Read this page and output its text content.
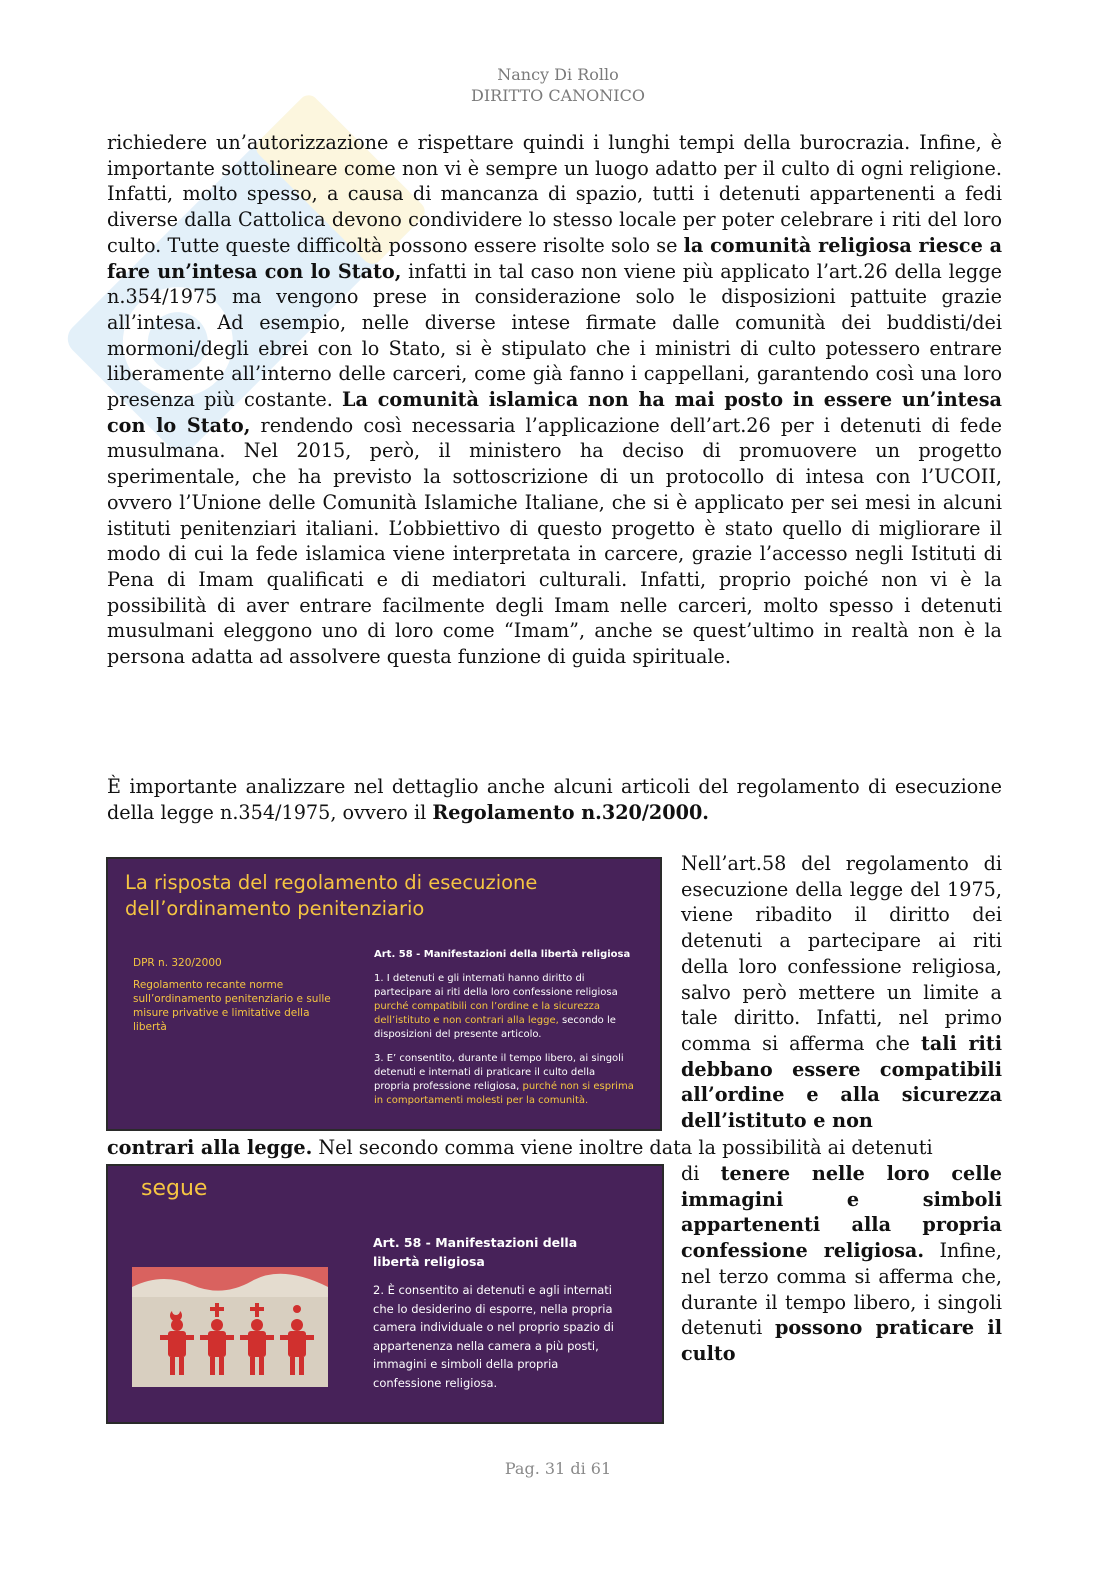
Nancy Di Rollo
DIRITTO CANONICO

richiedere un’autorizzazione e rispettare quindi i lunghi tempi della burocrazia. Infine, è importante sottolineare come non vi è sempre un luogo adatto per il culto di ogni religione. Infatti, molto spesso, a causa di mancanza di spazio, tutti i detenuti appartenenti a fedi diverse dalla Cattolica devono condividere lo stesso locale per poter celebrare i riti del loro culto. Tutte queste difficoltà possono essere risolte solo se la comunità religiosa riesce a fare un’intesa con lo Stato, infatti in tal caso non viene più applicato l’art.26 della legge n.354/1975 ma vengono prese in considerazione solo le disposizioni pattuite grazie all’intesa. Ad esempio, nelle diverse intese firmate dalle comunità dei buddisti/dei mormoni/degli ebrei con lo Stato, si è stipulato che i ministri di culto potessero entrare liberamente all’interno delle carceri, come già fanno i cappellani, garantendo così una loro presenza più costante. La comunità islamica non ha mai posto in essere un’intesa con lo Stato, rendendo così necessaria l’applicazione dell’art.26 per i detenuti di fede musulmana. Nel 2015, però, il ministero ha deciso di promuovere un progetto sperimentale, che ha previsto la sottoscrizione di un protocollo di intesa con l’UCOII, ovvero l’Unione delle Comunità Islamiche Italiane, che si è applicato per sei mesi in alcuni istituti penitenziari italiani. L’obbiettivo di questo progetto è stato quello di migliorare il modo di cui la fede islamica viene interpretata in carcere, grazie l’accesso negli Istituti di Pena di Imam qualificati e di mediatori culturali. Infatti, proprio poiché non vi è la possibilità di aver entrare facilmente degli Imam nelle carceri, molto spesso i detenuti musulmani eleggono uno di loro come “Imam”, anche se quest’ultimo in realtà non è la persona adatta ad assolvere questa funzione di guida spirituale.

È importante analizzare nel dettaglio anche alcuni articoli del regolamento di esecuzione della legge n.354/1975, ovvero il Regolamento n.320/2000.

La risposta del regolamento di esecuzione dell’ordinamento penitenziario
DPR n. 320/2000
Regolamento recante norme sull’ordinamento penitenziario e sulle misure privative e limitative della libertà
Art. 58 - Manifestazioni della libertà religiosa
1. I detenuti e gli internati hanno diritto di partecipare ai riti della loro confessione religiosa purché compatibili con l’ordine e la sicurezza dell’istituto e non contrari alla legge, secondo le disposizioni del presente articolo.
3. E’ consentito, durante il tempo libero, ai singoli detenuti e internati di praticare il culto della propria professione religiosa, purché non si esprima in comportamenti molesti per la comunità.

Nell’art.58 del regolamento di esecuzione della legge del 1975, viene ribadito il diritto dei detenuti a partecipare ai riti della loro confessione religiosa, salvo però mettere un limite a tale diritto. Infatti, nel primo comma si afferma che tali riti debbano essere compatibili all’ordine e alla sicurezza dell’istituto e non

contrari alla legge. Nel secondo comma viene inoltre data la possibilità ai detenuti

segue
Art. 58 - Manifestazioni della libertà religiosa
2. È consentito ai detenuti e agli internati che lo desiderino di esporre, nella propria camera individuale o nel proprio spazio di appartenenza nella camera a più posti, immagini e simboli della propria confessione religiosa.

di tenere nelle loro celle immagini e simboli appartenenti alla propria confessione religiosa. Infine, nel terzo comma si afferma che, durante il tempo libero, i singoli detenuti possono praticare il culto

Pag. 31 di 61
